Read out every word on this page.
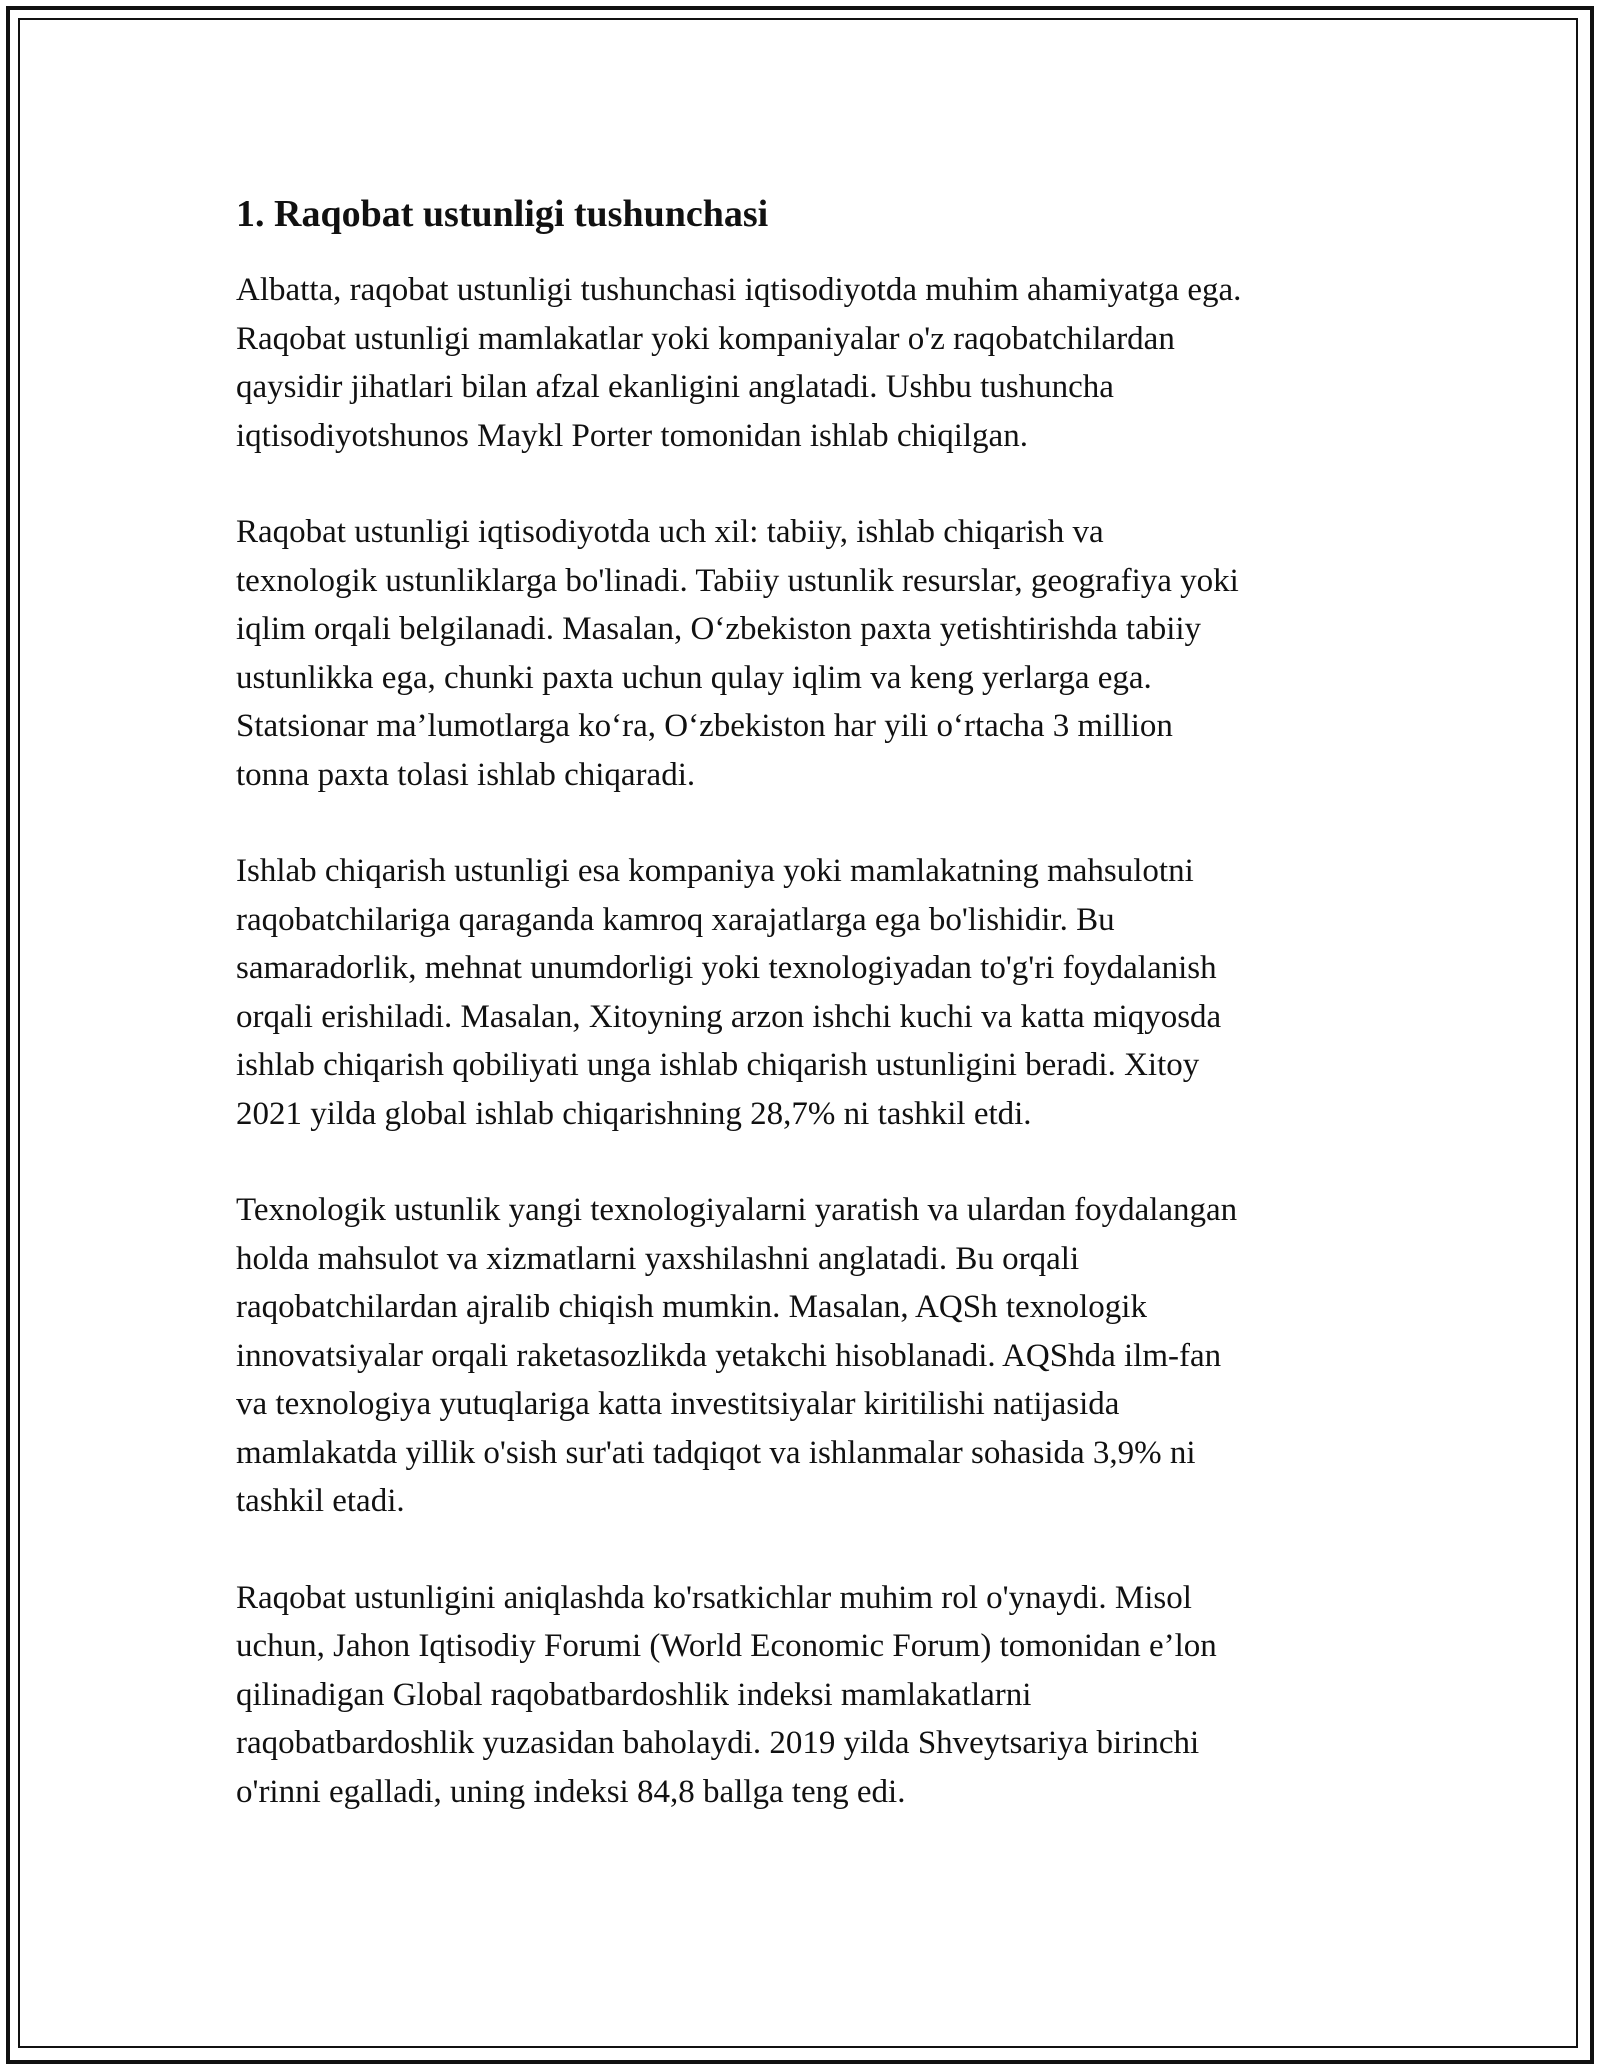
1. Raqobat ustunligi tushunchasi

Albatta, raqobat ustunligi tushunchasi iqtisodiyotda muhim ahamiyatga ega.
Raqobat ustunligi mamlakatlar yoki kompaniyalar o'z raqobatchilardan
qaysidir jihatlari bilan afzal ekanligini anglatadi. Ushbu tushuncha
iqtisodiyotshunos Maykl Porter tomonidan ishlab chiqilgan.

Raqobat ustunligi iqtisodiyotda uch xil: tabiiy, ishlab chiqarish va
texnologik ustunliklarga bo'linadi. Tabiiy ustunlik resurslar, geografiya yoki
iqlim orqali belgilanadi. Masalan, O‘zbekiston paxta yetishtirishda tabiiy
ustunlikka ega, chunki paxta uchun qulay iqlim va keng yerlarga ega.
Statsionar ma’lumotlarga ko‘ra, O‘zbekiston har yili o‘rtacha 3 million
tonna paxta tolasi ishlab chiqaradi.

Ishlab chiqarish ustunligi esa kompaniya yoki mamlakatning mahsulotni
raqobatchilariga qaraganda kamroq xarajatlarga ega bo'lishidir. Bu
samaradorlik, mehnat unumdorligi yoki texnologiyadan to'g'ri foydalanish
orqali erishiladi. Masalan, Xitoyning arzon ishchi kuchi va katta miqyosda
ishlab chiqarish qobiliyati unga ishlab chiqarish ustunligini beradi. Xitoy
2021 yilda global ishlab chiqarishning 28,7% ni tashkil etdi.

Texnologik ustunlik yangi texnologiyalarni yaratish va ulardan foydalangan
holda mahsulot va xizmatlarni yaxshilashni anglatadi. Bu orqali
raqobatchilardan ajralib chiqish mumkin. Masalan, AQSh texnologik
innovatsiyalar orqali raketasozlikda yetakchi hisoblanadi. AQShda ilm-fan
va texnologiya yutuqlariga katta investitsiyalar kiritilishi natijasida
mamlakatda yillik o'sish sur'ati tadqiqot va ishlanmalar sohasida 3,9% ni
tashkil etadi.

Raqobat ustunligini aniqlashda ko'rsatkichlar muhim rol o'ynaydi. Misol
uchun, Jahon Iqtisodiy Forumi (World Economic Forum) tomonidan e’lon
qilinadigan Global raqobatbardoshlik indeksi mamlakatlarni
raqobatbardoshlik yuzasidan baholaydi. 2019 yilda Shveytsariya birinchi
o'rinni egalladi, uning indeksi 84,8 ballga teng edi.
